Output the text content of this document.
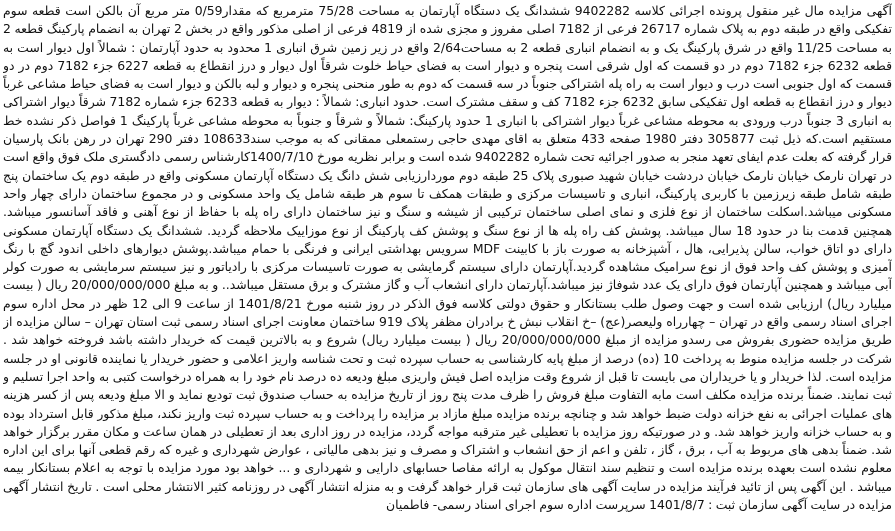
آگهی مزایده مال غیر منقول پرونده اجرائی کلاسه 9402282 ششدانگ یک دستگاه آپارتمان به مساحت 75/28 مترمربع که مقدار0/59 متر مربع آن بالکن است قطعه سوم تفکیکی واقع در طبقه دوم به پلاک شماره 26717 فرعی از 7182 اصلی مفروز و مجزی شده از 4819 فرعی از اصلی مذکور واقع در بخش 2 تهران به انضمام پارکینگ قطعه 2 به مساحت 11/25 واقع در شرق پارکینگ یک و به انضمام انباری قطعه 2 به مساحت2/64 واقع در زیر زمین شرق انباری 1 محدود به حدود آپارتمان : شمالاً اول دیوار است به قطعه 6232 جزء 7182 دوم در دو قسمت که اول شرقی است پنجره و دیوار است به فضای حیاط خلوت شرقاً اول دیوار و درز انقطاع به قطعه 6227 جزء 7182 دوم در دو قسمت که اول جنوبی است درب و دیوار است به راه پله اشتراکی جنوباً در سه قسمت که دوم به طور منحنی پنجره و دیوار و لبه بالکن و دیوار است به فضای حیاط مشاعی غرباً دیوار و درز انقطاع به قطعه اول تفکیکی سابق 6232 جزء 7182 کف و سقف مشترک است. حدود انباری: شمالاً : دیوار به قطعه 6233 جزء شماره 7182 شرقاً دیوار اشتراکی به انباری 3 جنوباً درب ورودی به محوطه مشاعی غرباً دیوار اشتراکی با انباری 1 حدود پارکینگ: شمالاً و شرقاً و جنوباً به محوطه مشاعی غرباً پارکینگ 1 فواصل ذکر نشده خط مستقیم است.که ذیل ثبت 305877 دفتر 1980 صفحه 433 متعلق به اقای مهدی حاجی رستمعلی ممقانی که به موجب سند108633 دفتر 290 تهران در رهن بانک پارسیان قرار گرفته که بعلت عدم ایفای تعهد منجر به صدور اجرائیه تحت شماره 9402282 شده است و برابر نظریه مورخ 1400/7/10کارشناس رسمی دادگستری ملک فوق واقع است در تهران نارمک خیابان نارمک خیابان دردشت خیابان شهید صبوری پلاک 25 طبقه دوم موردارزیابی شش دانگ یک دستگاه آپارتمان مسکونی واقع در طبقه دوم یک ساختمان پنج طبقه شامل طبقه زیرزمین با کاربری پارکینگ، انباری و تاسیسات مرکزی و طبقات همکف تا سوم هر طبقه شامل یک واحد مسکونی و در مجموع ساختمان دارای چهار واحد مسکونی میباشد.اسکلت ساختمان از نوع فلزی و نمای اصلی ساختمان ترکیبی از شیشه و سنگ و نیز ساختمان دارای راه پله با حفاظ از نوع آهنی و فاقد آسانسور میباشد. همچنین قدمت بنا در حدود 18 سال میباشد. پوشش کف راه پله ها از نوع سنگ و پوشش کف پارکینگ از نوع موزاییک ملاحظه گردید. ششدانگ یک دستگاه آپارتمان مسکونی دارای دو اتاق خواب، سالن پذیرایی، هال ، آشپزخانه به صورت باز با کابینت MDF سرویس بهداشتی ایرانی و فرنگی با حمام میباشد.پوشش دیوارهای داخلی اندود گچ با رنگ آمیزی و پوشش کف واحد فوق از نوع سرامیک مشاهده گردید.آپارتمان دارای سیستم گرمایشی به صورت تاسیسات مرکزی با رادیاتور و نیز سیستم سرمایشی به صورت کولر آبی میباشد و همچنین آپارتمان فوق دارای یک عدد شوفاژ نیز میباشد.آپارتمان دارای انشعاب آب و گاز مشترک و برق مستقل میباشد.. و به مبلغ 20/000/000/000 ریال ( بیست میلیارد ریال) ارزیابی شده است و جهت وصول طلب بستانکار و حقوق دولتی کلاسه فوق الذکر در روز شنبه مورخ 1401/8/21 از ساعت 9 الی 12 ظهر در محل اداره سوم اجرای اسناد رسمی واقع در تهران – چهارراه ولیعصر(عج) –خ انقلاب نبش خ برادران مظفر پلاک 919 ساختمان معاونت اجرای اسناد رسمی ثبت استان تهران – سالن مزایده از طریق مزایده حضوری بفروش می رسدو مزایده از مبلغ 20/000/000/000 ریال ( بیست میلیارد ریال) شروع و به بالاترین قیمت که خریدار داشته باشد فروخته خواهد شد . شرکت در جلسه مزایده منوط به پرداخت 10 (ده) درصد از مبلغ پایه کارشناسی به حساب سپرده ثبت و تحت شناسه واریز اعلامی و حضور خریدار یا نماینده قانونی او در جلسه مزایده است. لذا خریدار و یا خریداران می بایست تا قبل از شروع وقت مزایده اصل فیش واریزی مبلغ ودیعه ده درصد نام خود را به همراه درخواست کتبی به واحد اجرا تسلیم و ثبت نمایند. ضمناً برنده مزایده مکلف است مابه التفاوت مبلغ فروش را ظرف مدت پنج روز از تاریخ مزایده به حساب صندوق ثبت تودیع نماید و الا مبلغ ودیعه پس از کسر هزینه های عملیات اجرائی به نفع خزانه دولت ضبط خواهد شد و چنانچه برنده مزایده مبلغ مازاد بر مزایده را پرداخت و به حساب سپرده ثبت واریز نکند، مبلغ مذکور قابل استرداد بوده و به حساب خزانه واریز خواهد شد. و در صورتیکه روز مزایده با تعطیلی غیر مترقبه مواجه گردد، مزایده در روز اداری بعد از تعطیلی در همان ساعت و مکان مقرر برگزار خواهد شد. ضمناً بدهی های مربوط به آب ، برق ، گاز ، تلفن و اعم از حق انشعاب و اشتراک و مصرف و نیز بدهی مالیاتی ، عوارض شهرداری و غیره که رقم قطعی آنها برای این اداره معلوم نشده است بعهده برنده مزایده است و تنظیم سند انتقال موکول به ارائه مفاصا حسابهای دارایی و شهرداری و ... خواهد بود مورد مزایده با توجه به اعلام بستانکار بیمه میباشد . این آگهی پس از تائید فرآیند مزایده در سایت آگهی های سازمان ثبت قرار خواهد گرفت و به منزله انتشار آگهی در روزنامه کثیر الانتشار محلی است . تاریخ انتشار آگهی مزایده در سایت آگهی سازمان ثبت : 1401/8/7 سرپرست اداره سوم اجرای اسناد رسمی- فاطمیان
